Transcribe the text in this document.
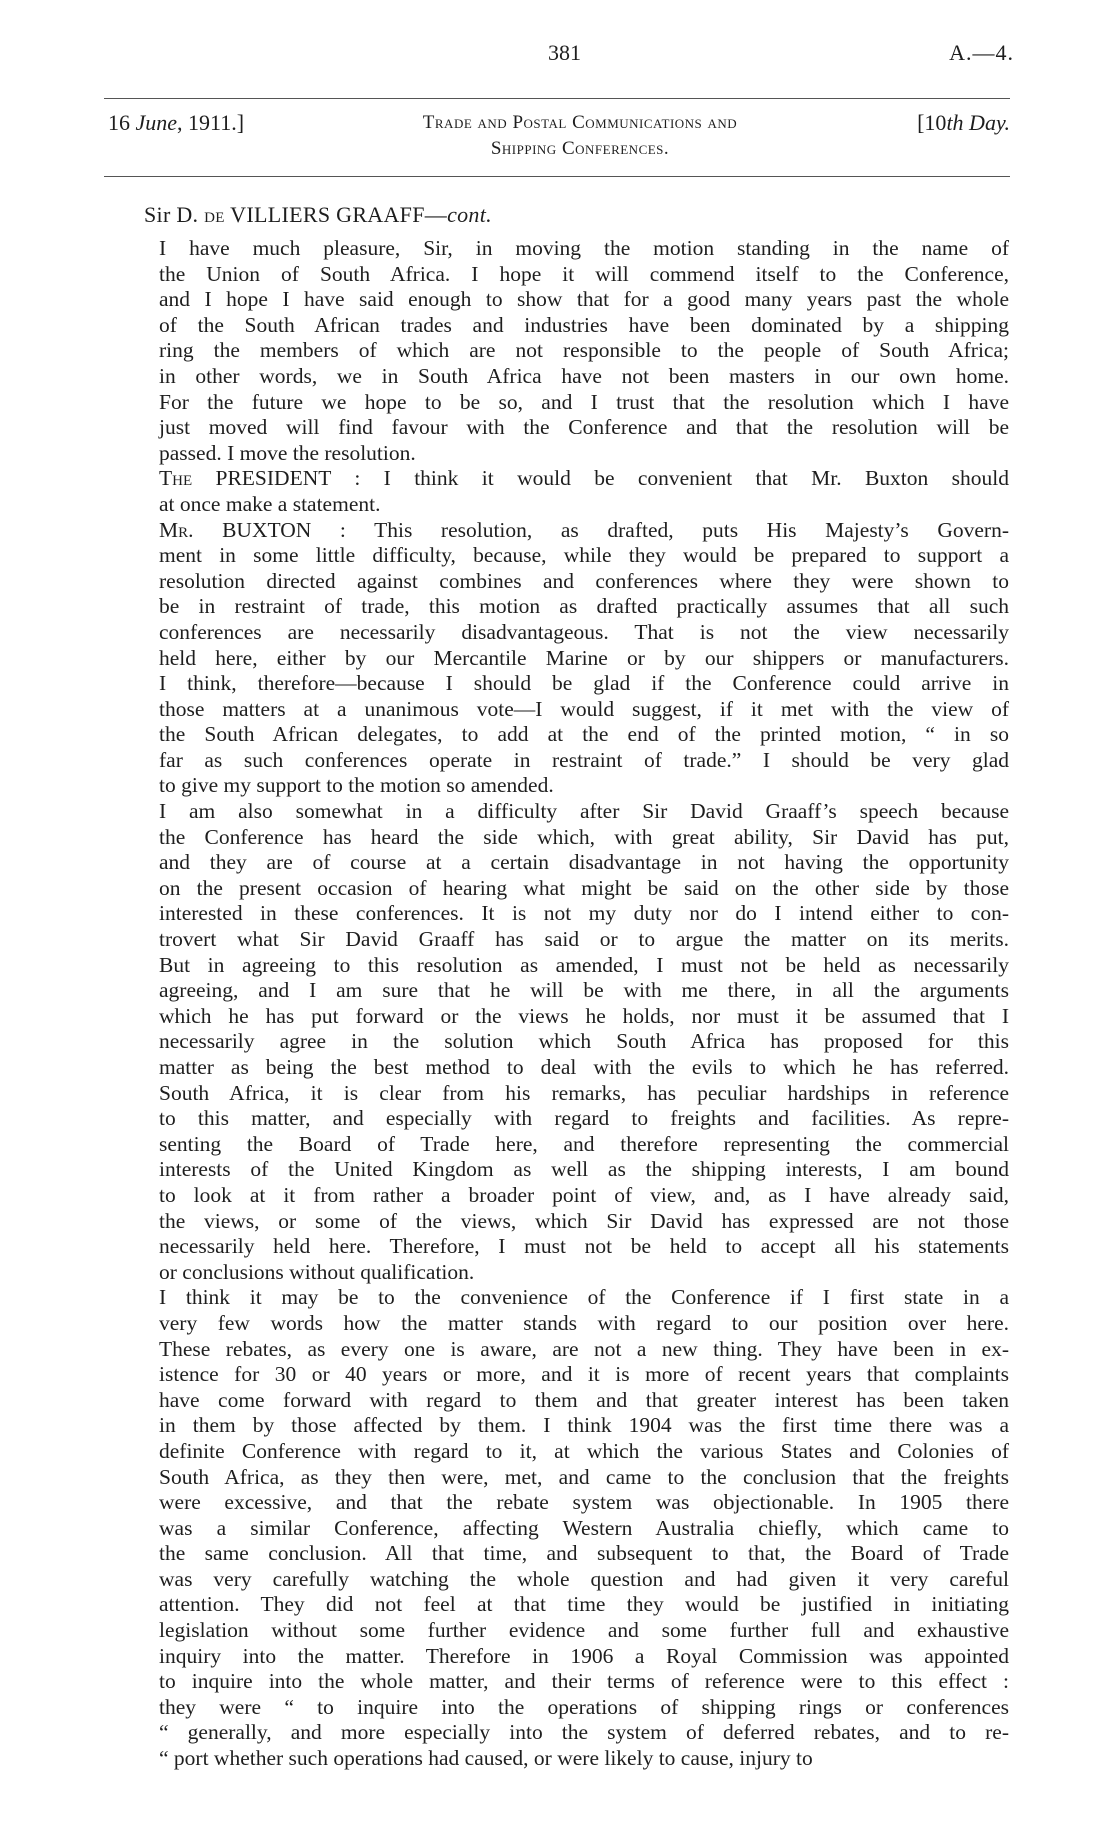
381	A.—4.
16 June, 1911.]	Trade and Postal Communications and
Shipping Conferences.
[10th Day.
Sir D. de VILLIERS GRAAFF—cont.

I have much pleasure, Sir, in moving the motion standing in the name of
the Union of South Africa. I hope it will commend itself to the Conference,
and I hope I have said enough to show that for a good many years past the whole
of the South African trades and industries have been dominated by a shipping
ring the members of which are not responsible to the people of South Africa;
in other words, we in South Africa have not been masters in our own home.
For the future we hope to be so, and I trust that the resolution which I have
just moved will find favour with the Conference and that the resolution will be
passed. I move the resolution.

The PRESIDENT : I think it would be convenient that Mr. Buxton should
at once make a statement.

Mr. BUXTON : This resolution, as drafted, puts His Majesty’s Govern-
ment in some little difficulty, because, while they would be prepared to support a
resolution directed against combines and conferences where they were shown to
be in restraint of trade, this motion as drafted practically assumes that all such
conferences are necessarily disadvantageous. That is not the view necessarily
held here, either by our Mercantile Marine or by our shippers or manufacturers.
I think, therefore—because I should be glad if the Conference could arrive in
those matters at a unanimous vote—I would suggest, if it met with the view of
the South African delegates, to add at the end of the printed motion, “ in so
far as such conferences operate in restraint of trade.” I should be very glad
to give my support to the motion so amended.

I am also somewhat in a difficulty after Sir David Graaff’s speech because
the Conference has heard the side which, with great ability, Sir David has put,
and they are of course at a certain disadvantage in not having the opportunity
on the present occasion of hearing what might be said on the other side by those
interested in these conferences. It is not my duty nor do I intend either to con-
trovert what Sir David Graaff has said or to argue the matter on its merits.
But in agreeing to this resolution as amended, I must not be held as necessarily
agreeing, and I am sure that he will be with me there, in all the arguments
which he has put forward or the views he holds, nor must it be assumed that I
necessarily agree in the solution which South Africa has proposed for this
matter as being the best method to deal with the evils to which he has referred.
South Africa, it is clear from his remarks, has peculiar hardships in reference
to this matter, and especially with regard to freights and facilities. As repre-
senting the Board of Trade here, and therefore representing the commercial
interests of the United Kingdom as well as the shipping interests, I am bound
to look at it from rather a broader point of view, and, as I have already said,
the views, or some of the views, which Sir David has expressed are not those
necessarily held here. Therefore, I must not be held to accept all his statements
or conclusions without qualification.

I think it may be to the convenience of the Conference if I first state in a
very few words how the matter stands with regard to our position over here.
These rebates, as every one is aware, are not a new thing. They have been in ex-
istence for 30 or 40 years or more, and it is more of recent years that complaints
have come forward with regard to them and that greater interest has been taken
in them by those affected by them. I think 1904 was the first time there was a
definite Conference with regard to it, at which the various States and Colonies of
South Africa, as they then were, met, and came to the conclusion that the freights
were excessive, and that the rebate system was objectionable. In 1905 there
was a similar Conference, affecting Western Australia chiefly, which came to
the same conclusion. All that time, and subsequent to that, the Board of Trade
was very carefully watching the whole question and had given it very careful
attention. They did not feel at that time they would be justified in initiating
legislation without some further evidence and some further full and exhaustive
inquiry into the matter. Therefore in 1906 a Royal Commission was appointed
to inquire into the whole matter, and their terms of reference were to this effect :
they were “ to inquire into the operations of shipping rings or conferences
“ generally, and more especially into the system of deferred rebates, and to re-
“ port whether such operations had caused, or were likely to cause, injury to
